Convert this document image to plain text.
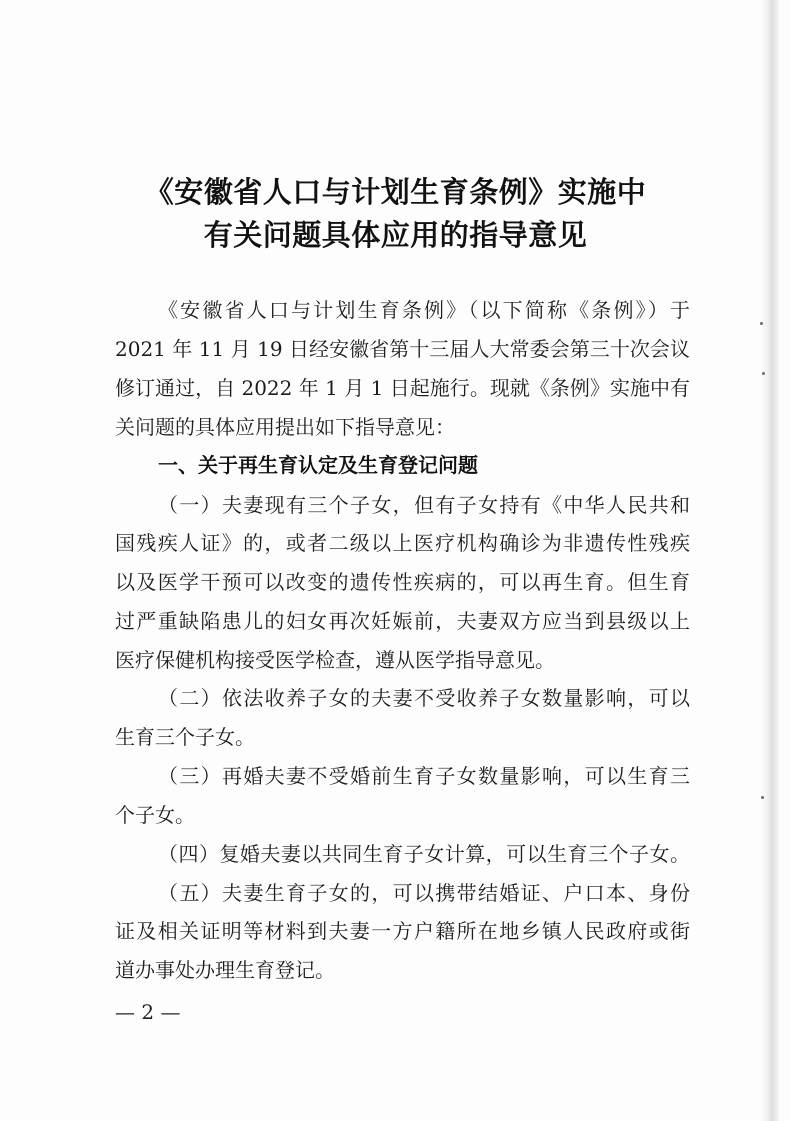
《安徽省人口与计划生育条例》实施中
有关问题具体应用的指导意见
《安徽省人口与计划生育条例》（以下简称《条例》）于
2021 年 11 月 19 日经安徽省第十三届人大常委会第三十次会议
修订通过，自 2022 年 1 月 1 日起施行。现就《条例》实施中有
关问题的具体应用提出如下指导意见：
一、关于再生育认定及生育登记问题
（一）夫妻现有三个子女，但有子女持有《中华人民共和
国残疾人证》的，或者二级以上医疗机构确诊为非遗传性残疾
以及医学干预可以改变的遗传性疾病的，可以再生育。但生育
过严重缺陷患儿的妇女再次妊娠前，夫妻双方应当到县级以上
医疗保健机构接受医学检查，遵从医学指导意见。
（二）依法收养子女的夫妻不受收养子女数量影响，可以
生育三个子女。
（三）再婚夫妻不受婚前生育子女数量影响，可以生育三
个子女。
（四）复婚夫妻以共同生育子女计算，可以生育三个子女。
（五）夫妻生育子女的，可以携带结婚证、户口本、身份
证及相关证明等材料到夫妻一方户籍所在地乡镇人民政府或街
道办事处办理生育登记。
— 2 —
